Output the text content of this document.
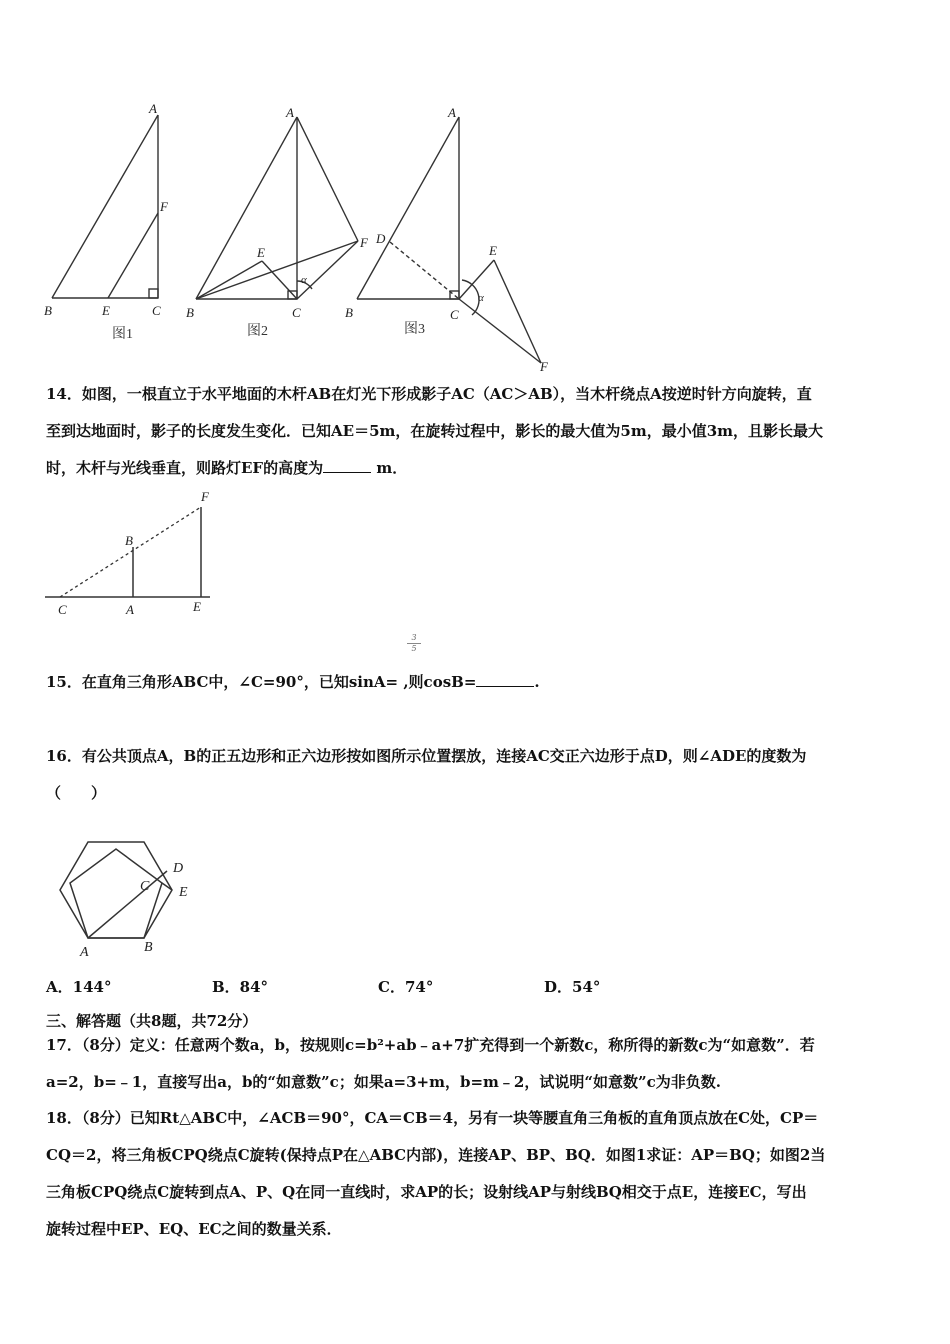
A
B	C
E
F
图1
A
B	C
E
F
α
图2
A
B	C
D
E
F
α
图3
14．如图，一根直立于水平地面的木杆AB在灯光下形成影子AC（AC＞AB），当木杆绕点A按逆时针方向旋转，直
至到达地面时，影子的长度发生变化．已知AE＝5m，在旋转过程中，影长的最大值为5m，最小值3m，且影长最大
时，木杆与光线垂直，则路灯EF的高度为	m．
B
F
C	A	E
$\frac{3}{5}$
15．在直角三角形ABC中，∠C=90°，已知sinA= ,则cosB=	.
16．有公共顶点A，B的正五边形和正六边形按如图所示位置摆放，连接AC交正六边形于点D，则∠ADE的度数为
（　　）
C
D
E
A	B
A．144°	B．84°	C．74°	D．54°
三、解答题（共8题，共72分）
17．（8分）定义：任意两个数a，b，按规则c=b²+ab﹣a+7扩充得到一个新数c，称所得的新数c为“如意数”．若
a=2，b=﹣1，直接写出a，b的“如意数”c；如果a=3+m，b=m﹣2，试说明“如意数”c为非负数.
18．（8分）已知Rt△ABC中，∠ACB＝90°，CA＝CB＝4，另有一块等腰直角三角板的直角顶点放在C处，CP＝
CQ＝2，将三角板CPQ绕点C旋转(保持点P在△ABC内部)，连接AP、BP、BQ．如图1求证：AP＝BQ；如图2当
三角板CPQ绕点C旋转到点A、P、Q在同一直线时，求AP的长；设射线AP与射线BQ相交于点E，连接EC，写出
旋转过程中EP、EQ、EC之间的数量关系．
